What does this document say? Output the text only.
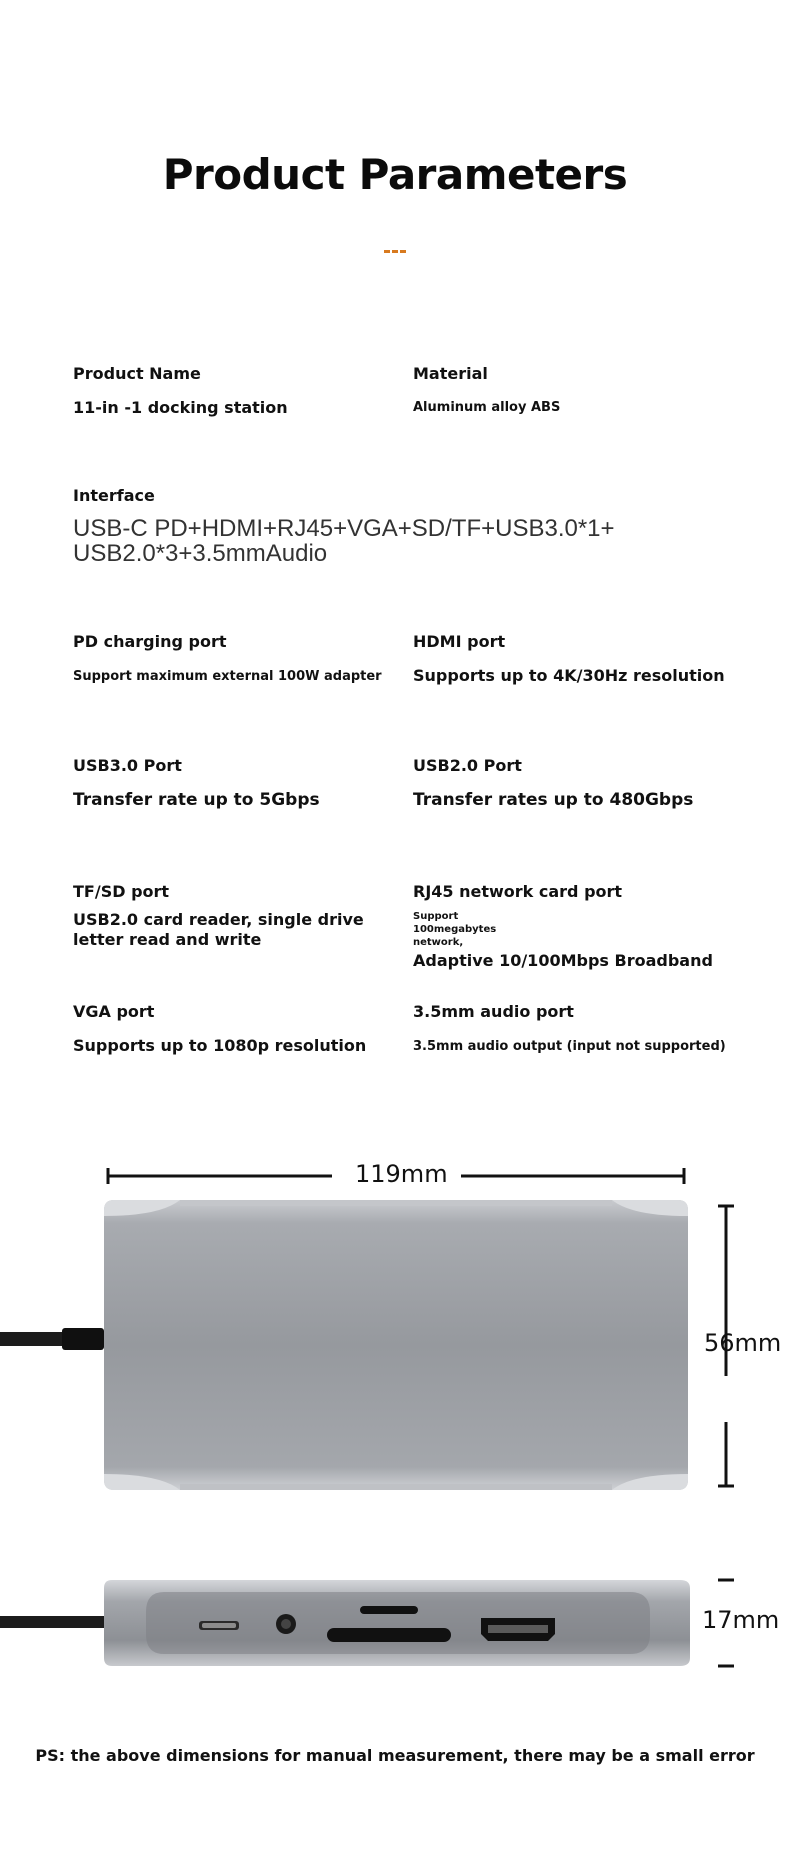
Product Parameters
Product Name
11-in -1 docking station
Material
Aluminum alloy ABS
Interface
USB-C PD+HDMI+RJ45+VGA+SD/TF+USB3.0*1+ USB2.0*3+3.5mmAudio
PD charging port
Support maximum external 100W adapter
HDMI port
Supports up to 4K/30Hz resolution
USB3.0 Port
Transfer rate up to 5Gbps
USB2.0 Port
Transfer rates up to 480Gbps
TF/SD port
USB2.0 card reader, single drive letter read and write
RJ45 network card port
Support 100megabytes network,
Adaptive 10/100Mbps Broadband
VGA port
Supports up to 1080p resolution
3.5mm audio port
3.5mm audio output (input not supported)
119mm
56mm
17mm
PS: the above dimensions for manual measurement, there may be a small error
